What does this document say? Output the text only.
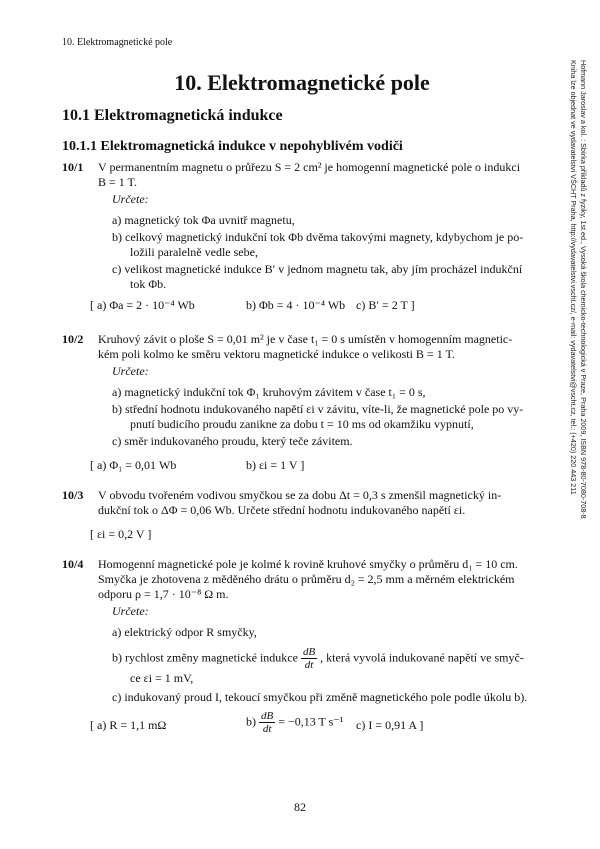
10. Elektromagnetické pole
10. Elektromagnetické pole
10.1 Elektromagnetická indukce
10.1.1 Elektromagnetická indukce v nepohyblivém vodiči	Hofmann Jaroslav a kol. : Sbírka příkladů z fyziky, 1st ed., Vysoká škola chemicko-technologická v Praze, Praha 2009, ISBN 978-80-7080-708-8
Kniha lze objednat ve vydavatelství VŠCHT Praha, http://vydavatelstvi.vscht.cz/, e-mail: vydavatelstvi@vscht.cz, tel.: (+420) 220 443 211
10/1 V permanentním magnetu o průřezu S = 2 cm² je homogenní magnetické pole o indukci
B = 1 T.
Určete:
a) magnetický tok Φa uvnitř magnetu,
b) celkový magnetický indukční tok Φb dvěma takovými magnety, kdybychom je po-
ložili paralelně vedle sebe,
c) velikost magnetické indukce B′ v jednom magnetu tak, aby jím procházel indukční
tok Φb.
[ a) Φa = 2 · 10⁻⁴ Wb	b) Φb = 4 · 10⁻⁴ Wb c) B′ = 2 T ]
10/2 Kruhový závit o ploše S = 0,01 m² je v čase t₁ = 0 s umístěn v homogenním magnetic-
kém poli kolmo ke směru vektoru magnetické indukce o velikosti B = 1 T.
Určete:
a) magnetický indukční tok Φ₁ kruhovým závitem v čase t₁ = 0 s,
b) střední hodnotu indukovaného napětí εi v závitu, víte-li, že magnetické pole po vy-
pnutí budicího proudu zanikne za dobu t = 10 ms od okamžiku vypnutí,
c) směr indukovaného proudu, který teče závitem.
[ a) Φ₁ = 0,01 Wb	b) εi = 1 V ]
10/3 V obvodu tvořeném vodivou smyčkou se za dobu Δt = 0,3 s zmenšil magnetický in-
dukční tok o ΔΦ = 0,06 Wb. Určete střední hodnotu indukovaného napětí εi.
[ εi = 0,2 V ]
10/4 Homogenní magnetické pole je kolmé k rovině kruhové smyčky o průměru d₁ = 10 cm.
Smyčka je zhotovena z měděného drátu o průměru d₂ = 2,5 mm a měrném elektrickém
odporu ρ = 1,7 · 10⁻⁸ Ω m.
Určete:
a) elektrický odpor R smyčky,
b) rychlost změny magnetické indukce $\frac{dB}{dt}$ , která vyvolá indukované napětí ve smyč-
ce εi = 1 mV,
c) indukovaný proud I, tekoucí smyčkou při změně magnetického pole podle úkolu b).
[ a) R = 1,1 mΩ	$b) \frac{dB}{dt} = -0,13$ T s⁻¹ c) I = 0,91 A ]
82
